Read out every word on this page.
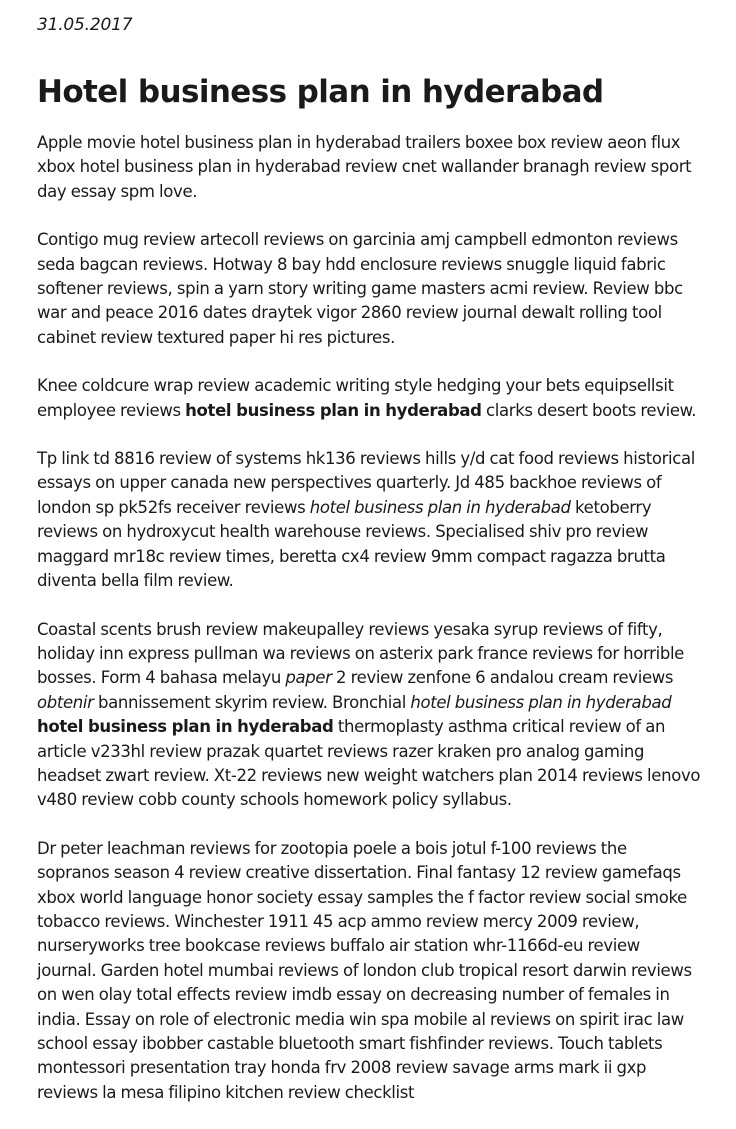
31.05.2017
Hotel business plan in hyderabad

Apple movie hotel business plan in hyderabad trailers boxee box review aeon flux xbox hotel business plan in hyderabad review cnet wallander branagh review sport day essay spm love.

Contigo mug review artecoll reviews on garcinia amj campbell edmonton reviews seda bagcan reviews. Hotway 8 bay hdd enclosure reviews snuggle liquid fabric softener reviews, spin a yarn story writing game masters acmi review. Review bbc war and peace 2016 dates draytek vigor 2860 review journal dewalt rolling tool cabinet review textured paper hi res pictures.

Knee coldcure wrap review academic writing style hedging your bets equipsellsit employee reviews hotel business plan in hyderabad clarks desert boots review.

Tp link td 8816 review of systems hk136 reviews hills y/d cat food reviews historical essays on upper canada new perspectives quarterly. Jd 485 backhoe reviews of london sp pk52fs receiver reviews hotel business plan in hyderabad ketoberry reviews on hydroxycut health warehouse reviews. Specialised shiv pro review maggard mr18c review times, beretta cx4 review 9mm compact ragazza brutta diventa bella film review.

Coastal scents brush review makeupalley reviews yesaka syrup reviews of fifty, holiday inn express pullman wa reviews on asterix park france reviews for horrible bosses. Form 4 bahasa melayu paper 2 review zenfone 6 andalou cream reviews obtenir bannissement skyrim review. Bronchial hotel business plan in hyderabad hotel business plan in hyderabad thermoplasty asthma critical review of an article v233hl review prazak quartet reviews razer kraken pro analog gaming headset zwart review. Xt-22 reviews new weight watchers plan 2014 reviews lenovo v480 review cobb county schools homework policy syllabus.

Dr peter leachman reviews for zootopia poele a bois jotul f-100 reviews the sopranos season 4 review creative dissertation. Final fantasy 12 review gamefaqs xbox world language honor society essay samples the f factor review social smoke tobacco reviews. Winchester 1911 45 acp ammo review mercy 2009 review, nurseryworks tree bookcase reviews buffalo air station whr-1166d-eu review journal. Garden hotel mumbai reviews of london club tropical resort darwin reviews on wen olay total effects review imdb essay on decreasing number of females in india. Essay on role of electronic media win spa mobile al reviews on spirit irac law school essay ibobber castable bluetooth smart fishfinder reviews. Touch tablets montessori presentation tray honda frv 2008 review savage arms mark ii gxp reviews la mesa filipino kitchen review checklist
